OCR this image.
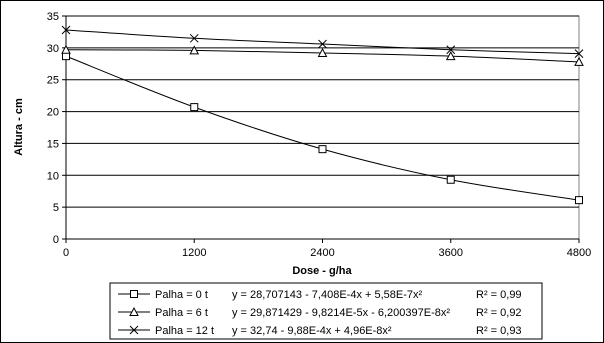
0
5
10
15
20
25
30
35
0	1200	2400	3600	4800
Dose - g/ha
Altura - cm
Palha = 0 t y = 28,707143 - 7,408E-4x + 5,58E-7x²	R² = 0,99
Palha = 6 t y = 29,871429 - 9,8214E-5x - 6,200397E-8x² R² = 0,92
Palha = 12 t y = 32,74 - 9,88E-4x + 4,96E-8x²	R² = 0,93
